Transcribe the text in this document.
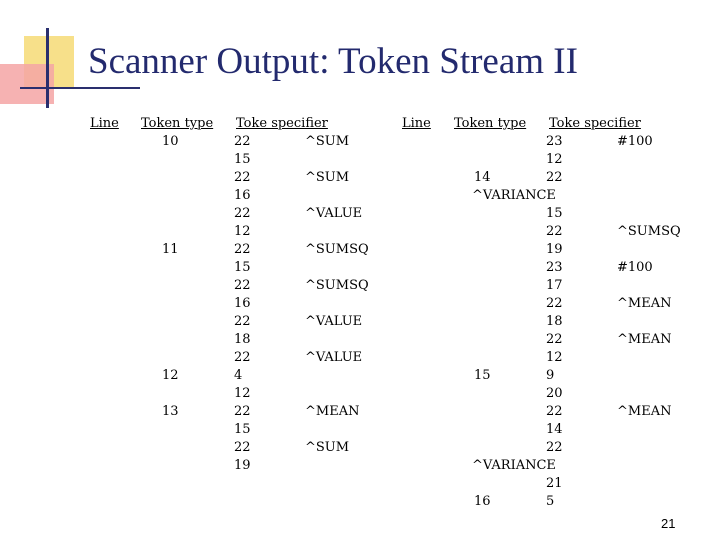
Scanner Output: Token Stream II
Line Token type Toke specifier
10
11
12
13
22
15
22
16
22
12
22
15
22
16
22
18
22
4
12
22
15
22
19
^SUM
^SUM
^VALUE
^SUMSQ
^SUMSQ
^VALUE
^VALUE
^MEAN
^SUM
Line Token type Toke specifier
23
12
22
^VARIANCE
15
22
19
23
17
22
18
22
12
9
20
22
14
22
^VARIANCE
21
5
14
15
16
#100
^SUMSQ
#100
^MEAN
^MEAN
^MEAN
21
